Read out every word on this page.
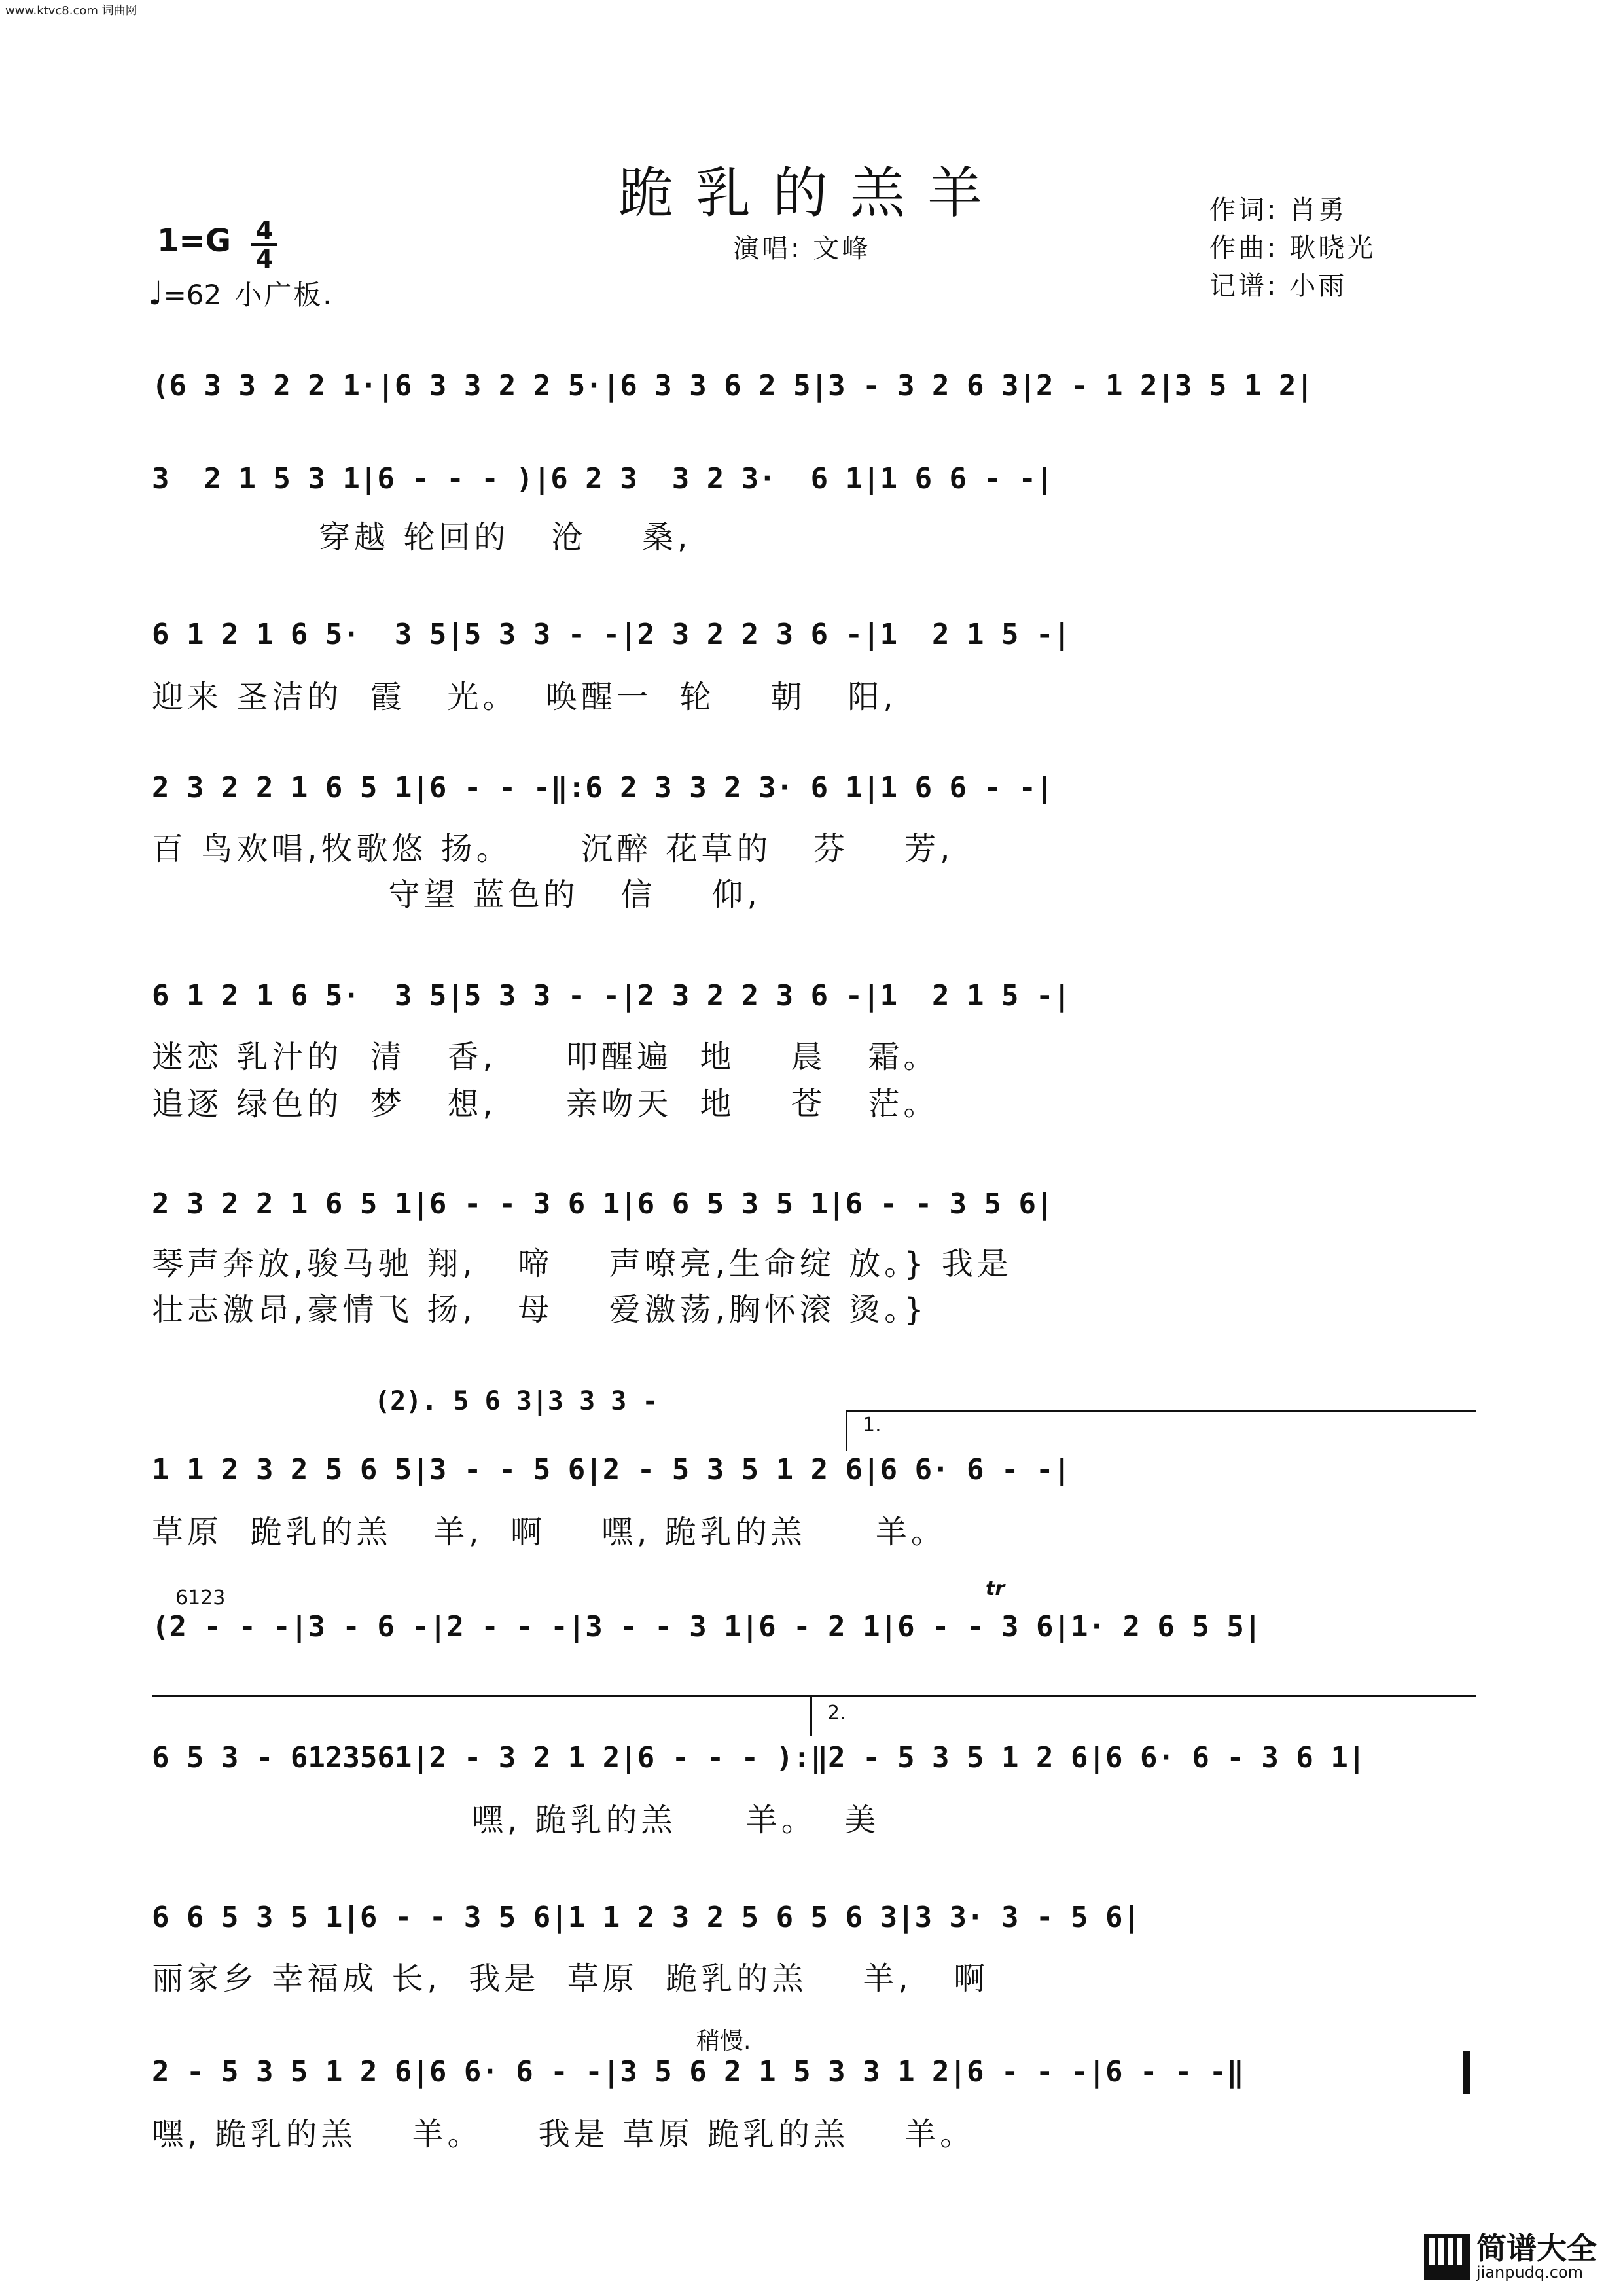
www.ktvc8.com 词曲网
跪乳的羔羊	作词: 肖勇
作曲: 耿晓光
记谱: 小雨
演唱: 文峰
1=G 4
4
♩=62 小广板.
(6 3 3 2 2 1·|6 3 3 2 2 5·|6 3 3 6 2 5|3 - 3 2 6 3|2 - 1 2|3 5 1 2|
3  2 1 5 3 1|6 - - - )|6 2 3  3 2 3·  6 1|1 6 6 - -|
穿越 轮回的   沧    桑,
6 1 2 1 6 5·  3 5|5 3 3 - -|2 3 2 2 3 6 -|1  2 1 5 -|
迎来 圣洁的  霞   光。  唤醒一  轮    朝   阳,
2 3 2 2 1 6 5 1|6 - - -‖:6 2 3 3 2 3· 6 1|1 6 6 - -|
百 鸟欢唱,牧歌悠 扬。     沉醉 花草的   芬    芳,
守望 蓝色的   信    仰,
6 1 2 1 6 5·  3 5|5 3 3 - -|2 3 2 2 3 6 -|1  2 1 5 -|
迷恋 乳汁的  清   香,     叩醒遍  地    晨   霜。
追逐 绿色的  梦   想,     亲吻天  地    苍   茫。
2 3 2 2 1 6 5 1|6 - - 3 6 1|6 6 5 3 5 1|6 - - 3 5 6|
琴声奔放,骏马驰 翔,   啼    声嘹亮,生命绽 放。} 我是
壮志激昂,豪情飞 扬,   母    爱激荡,胸怀滚 烫。}
(2). 5 6 3|3 3 3 -
1.
1 1 2 3 2 5 6 5|3 - - 5 6|2 - 5 3 5 1 2 6|6 6· 6 - -|
草原  跪乳的羔   羊,  啊    嘿, 跪乳的羔     羊。
6123	tr
(2 - - -|3 - 6 -|2 - - -|3 - - 3 1|6 - 2 1|6 - - 3 6|1· 2 6 5 5|
2.
6 5 3 - 6123561|2 - 3 2 1 2|6 - - - ):‖2 - 5 3 5 1 2 6|6 6· 6 - 3 6 1|
嘿, 跪乳的羔     羊。  美
6 6 5 3 5 1|6 - - 3 5 6|1 1 2 3 2 5 6 5 6 3|3 3· 3 - 5 6|
丽家乡 幸福成 长,  我是  草原  跪乳的羔    羊,   啊
稍慢.
2 - 5 3 5 1 2 6|6 6· 6 - -|3 5 6 2 1 5 3 3 1 2|6 - - -|6 - - -‖
嘿, 跪乳的羔    羊。    我是 草原 跪乳的羔    羊。
简谱大全
jianpudq.com
